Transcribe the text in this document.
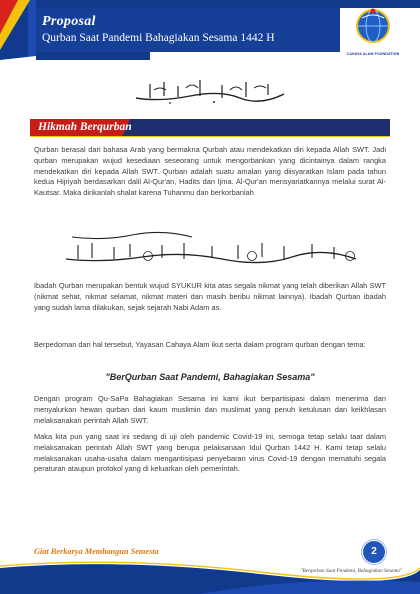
Proposal
Qurban Saat Pandemi Bahagiakan Sesama 1442 H
CAHAYA ALAM FOUNDATION
Hikmah Berqurban

Qurban berasal dari bahasa Arab yang bermakna Qurbah atau mendekatkan diri kepada Allah SWT. Jadi qurban merupakan wujud kesediaan seseorang untuk mengorbankan yang dicintainya dalam rangka mendekatkan diri kepada Allah SWT. Qurban adalah suatu amalan yang diisyaratkan Islam pada tahun kedua Hijriyah berdasarkan dalil Al-Qur'an, Hadits dan Ijma. Al-Qur'an mensyariatkannya melalui surat Al-Kautsar. Maka dirikanlah shalat karena Tuhanmu dan berkorbanlah

Ibadah Qurban merupakan bentuk wujud SYUKUR kita atas segala nikmat yang telah diberikan Allah SWT (nikmat sehat, nikmat selamat, nikmat materi dan masih beribu nikmat lainnya). Ibadah Qurban ibadah yang sudah lama dilakukan, sejak sejarah Nabi Adam as.

Berpedoman dari hal tersebut, Yayasan Cahaya Alam ikut serta dalam program qurban dengan tema:

"BerQurban Saat Pandemi, Bahagiakan Sesama"

Dengan program Qu-SaPa Bahagiakan Sesama ini kami ikut berpartisipasi dalam menerima dan menyalurkan hewan qurban dari kaum muslimin dan muslimat yang penuh ketulusan dan keikhlasan melaksanakan perintah Allah SWT.

Maka kita pun yang saat ini sedang di uji oleh pandemic Covid-19 ini, semoga tetap selalu taat dalam melaksanakan perintah Allah SWT yang berupa pelaksanaan Idul Qurban 1442 H. Kami tetap selalu melaksanakan usaha-usaha dalam mengantisipasi penyebaran virus Covid-19 dengan mematuhi segala peraturan ataupun protokol yang di keluarkan oleh pemerintah.

Giat Berkarya Membangun Semesta	2
"Berqurban Saat Pandemi, Bahagiakan Sesama"
